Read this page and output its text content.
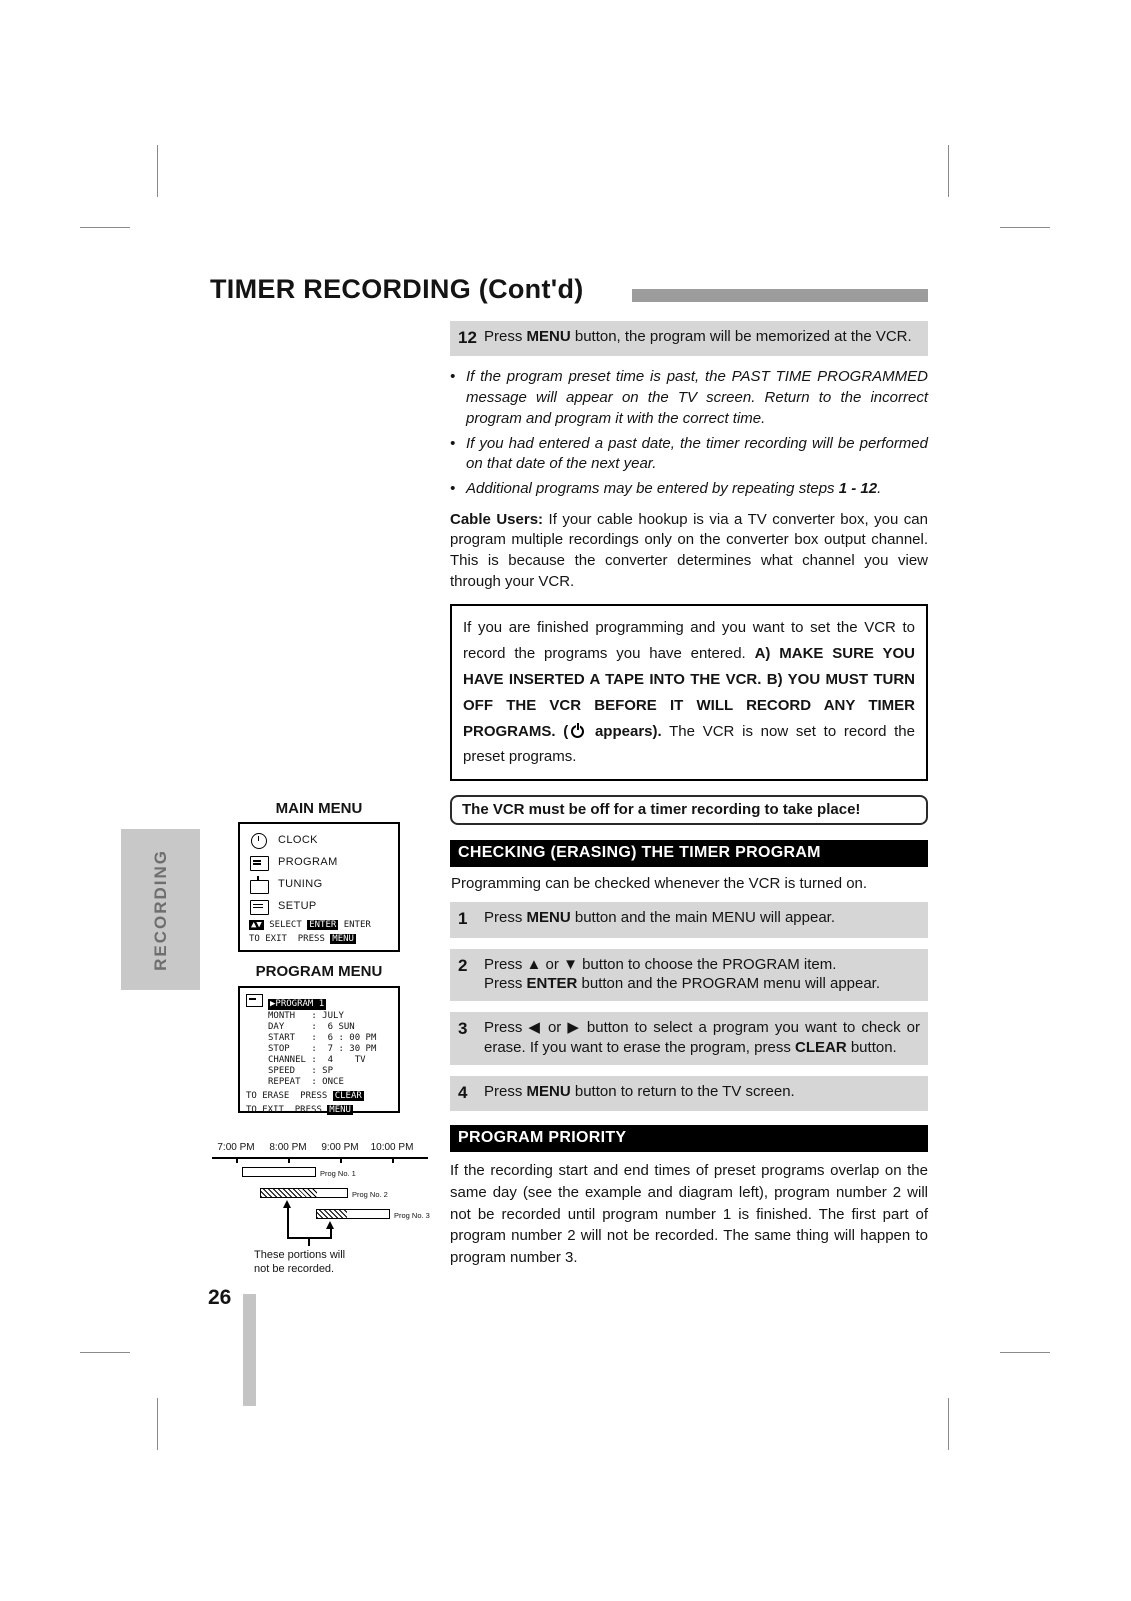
TIMER RECORDING (Cont'd)
RECORDING
MAIN MENU
CLOCK
PROGRAM
TUNING
SETUP
▲▼ SELECT ENTER ENTER
TO EXIT  PRESS MENU
PROGRAM MENU
▶PROGRAM 1
MONTH   : JULY
DAY     :  6 SUN
START   :  6 : 00 PM
STOP    :  7 : 30 PM
CHANNEL :  4    TV
SPEED   : SP
REPEAT  : ONCE
TO ERASE  PRESS CLEAR
TO EXIT  PRESS MENU
7:00 PM	8:00 PM	9:00 PM	10:00 PM
Prog No. 1
Prog No. 2
Prog No. 3
These portions will
not be recorded.
26
12 Press MENU button, the program will be memorized at the VCR.
•
If the program preset time is past, the PAST TIME PROGRAMMED message will appear on the TV screen. Return to the incorrect program and program it with the correct time.
•
If you had entered a past date, the timer recording will be performed on that date of the next year.
•
Additional programs may be entered by repeating steps 1 - 12.

Cable Users: If your cable hookup is via a TV converter box, you can program multiple recordings only on the converter box output channel. This is because the converter determines what channel you view through your VCR.

If you are finished programming and you want to set the VCR to record the programs you have entered. A) MAKE SURE YOU HAVE INSERTED A TAPE INTO THE VCR. B) YOU MUST TURN OFF THE VCR BEFORE IT WILL RECORD ANY TIMER PROGRAMS. ( appears). The VCR is now set to record the preset programs.
The VCR must be off for a timer recording to take place!
CHECKING (ERASING) THE TIMER PROGRAM

Programming can be checked whenever the VCR is turned on.

1	Press MENU button and the main MENU will appear.
2	Press ▲ or ▼ button to choose the PROGRAM item.
Press ENTER button and the PROGRAM menu will appear.
3	Press ◀ or ▶ button to select a program you want to check or erase. If you want to erase the program, press CLEAR button.
4	Press MENU button to return to the TV screen.
PROGRAM PRIORITY

If the recording start and end times of preset programs overlap on the same day (see the example and diagram left), program number 2 will not be recorded until program number 1 is finished. The first part of program number 2 will not be recorded. The same thing will happen to program number 3.
